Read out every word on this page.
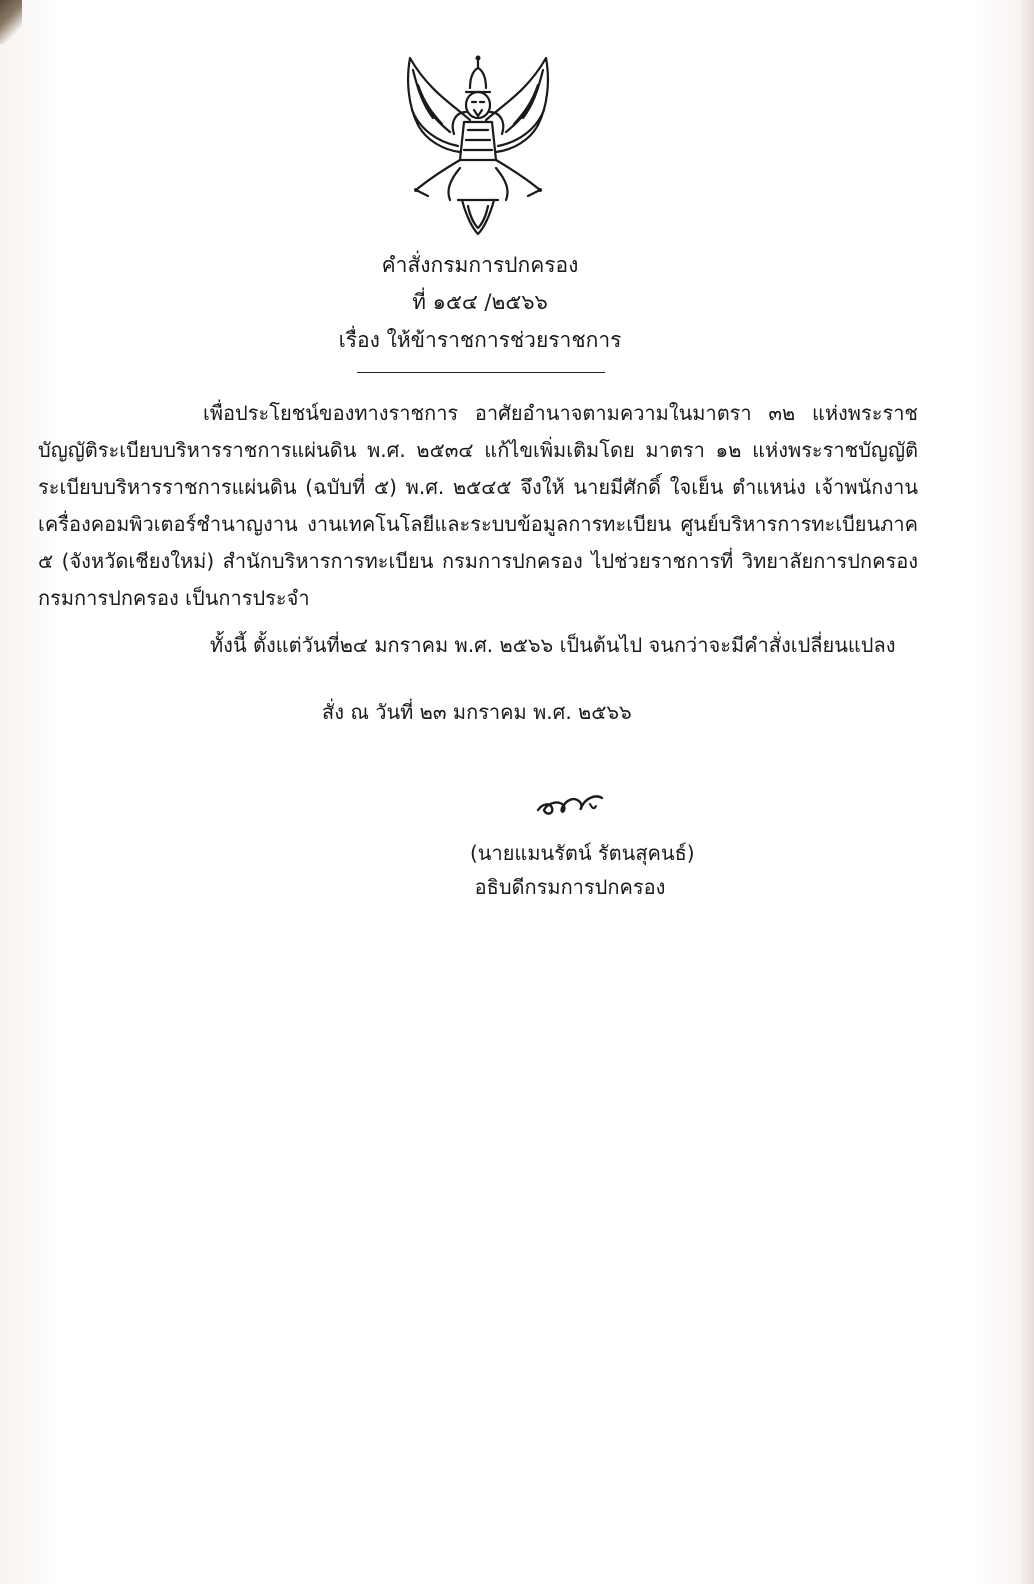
คำสั่งกรมการปกครอง
ที่ ๑๕๔ /๒๕๖๖
เรื่อง ให้ข้าราชการช่วยราชการ

เพื่อประโยชน์ของทางราชการ อาศัยอำนาจตามความในมาตรา ๓๒ แห่งพระราชบัญญัติระเบียบบริหารราชการแผ่นดิน พ.ศ. ๒๕๓๔ แก้ไขเพิ่มเติมโดย มาตรา ๑๒ แห่งพระราชบัญญัติระเบียบบริหารราชการแผ่นดิน (ฉบับที่ ๕) พ.ศ. ๒๕๔๕ จึงให้ นายมีศักดิ์ ใจเย็น ตำแหน่ง เจ้าพนักงานเครื่องคอมพิวเตอร์ชำนาญงาน งานเทคโนโลยีและระบบข้อมูลการทะเบียน ศูนย์บริหารการทะเบียนภาค ๕ (จังหวัดเชียงใหม่) สำนักบริหารการทะเบียน กรมการปกครอง ไปช่วยราชการที่ วิทยาลัยการปกครอง กรมการปกครอง เป็นการประจำ

ทั้งนี้ ตั้งแต่วันที่๒๔ มกราคม พ.ศ. ๒๕๖๖ เป็นต้นไป จนกว่าจะมีคำสั่งเปลี่ยนแปลง
สั่ง ณ วันที่ ๒๓ มกราคม พ.ศ. ๒๕๖๖
(นายแมนรัตน์ รัตนสุคนธ์)
อธิบดีกรมการปกครอง
